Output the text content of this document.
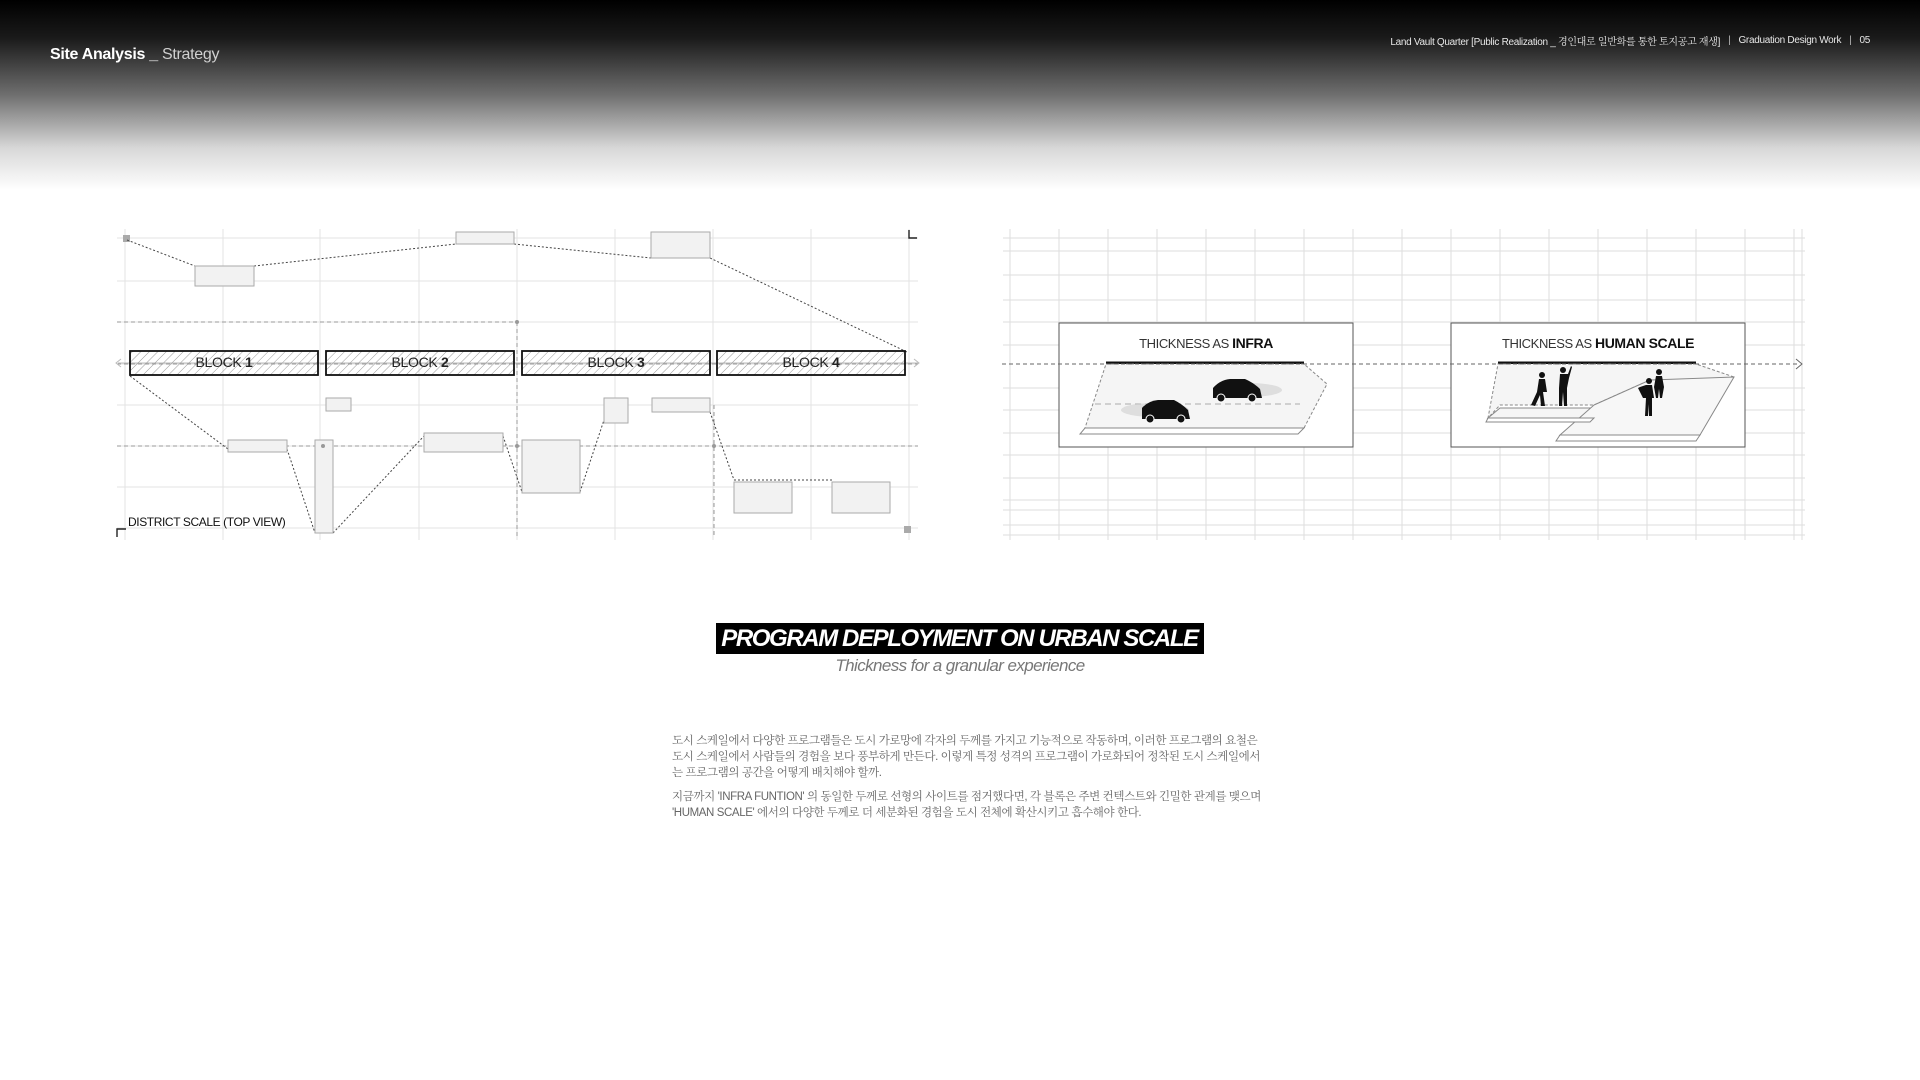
Site Analysis _ Strategy
Land Vault Quarter [Public Realization _ 경인대로 일반화를 통한 토지공고 재생] | Graduation Design Work | 05
BLOCK 1	BLOCK 2	BLOCK 3	BLOCK 4
DISTRICT SCALE (TOP VIEW)
THICKNESS AS INFRA	THICKNESS AS HUMAN SCALE
PROGRAM DEPLOYMENT ON URBAN SCALE
Thickness for a granular experience

도시 스케일에서 다양한 프로그램들은 도시 가로망에 각자의 두께를 가지고 기능적으로 작동하며, 이러한 프로그램의 요철은 도시 스케일에서 사람들의 경험을 보다 풍부하게 만든다. 이렇게 특정 성격의 프로그램이 가로화되어 정착된 도시 스케일에서는 프로그램의 공간을 어떻게 배치해야 할까.

지금까지 'INFRA FUNTION' 의 동일한 두께로 선형의 사이트를 점거했다면, 각 블록은 주변 컨텍스트와 긴밀한 관계를 맺으며 'HUMAN SCALE' 에서의 다양한 두께로 더 세분화된 경험을 도시 전체에 확산시키고 흡수해야 한다.
